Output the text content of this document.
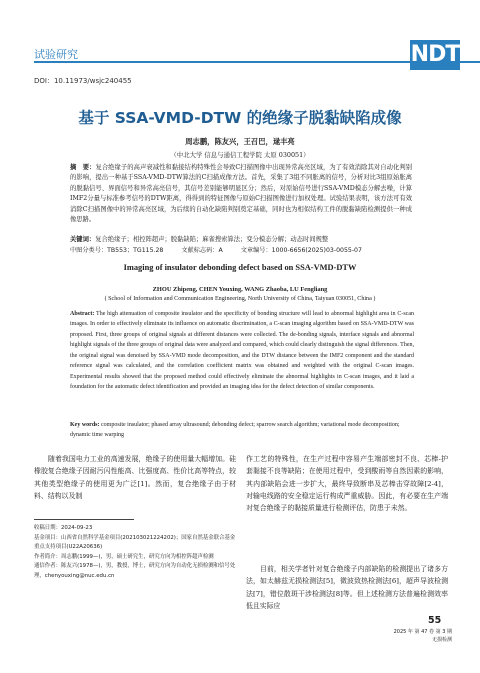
试验研究	NDT
DOI：10.11973/wsjc240455
基于 SSA-VMD-DTW 的绝缘子脱黏缺陷成像
周志鹏，陈友兴，王召巴，逯丰亮
（中北大学 信息与通信工程学院 太原 030051）
摘　要：复合绝缘子的高声衰减性和黏接结构特殊性会导致C扫描图像中出现异常高亮区域，为了有效消除其对自动化判别的影响，提出一种基于SSA-VMD-DTW算法的C扫描成像方法。首先，采集了3组不同胀离的信号，分析对比3组原始胀离的脱黏信号、界面信号和异常高亮信号，其信号差别能够明显区分；然后，对原始信号进行SSA-VMD模态分解去噪，计算IMF2分量与标准参考信号的DTW距离，得得到的特征图像与原始C扫描图像进行加权处理。试验结果表明，该方法可有效消除C扫描图像中的异常高亮区域，为后续的自动化缺陷判别奠定基础，同时也为相似结构工件的脱黏缺陷检测提供一种成像思路。
关键词：复合绝缘子；相控阵超声；脱黏缺陷；麻雀搜索算法；变分模态分解；动态时间规整
中图分类号：TB553；TG115.28	文献标志码：A	文章编号：1000-6656(2025)03-0055-07
Imaging of insulator debonding defect based on SSA-VMD-DTW
ZHOU Zhipeng, CHEN Youxing, WANG Zhaoba, LU Fengliang
( School of Information and Communication Engineering, North University of China, Taiyuan 030051, China )
Abstract: The high attenuation of composite insulator and the specificity of bonding structure will lead to abnormal highlight area in C-scan images. In order to effectively eliminate its influence on automatic discrimination, a C-scan imaging algorithm based on SSA-VMD-DTW was proposed. First, three groups of original signals at different distances were collected. The de-bonding signals, interface signals and abnormal highlight signals of the three groups of original data were analyzed and compared, which could clearly distinguish the signal differences. Then, the original signal was denoised by SSA-VMD mode decomposition, and the DTW distance between the IMF2 component and the standard reference signal was calculated, and the correlation coefficient matrix was obtained and weighted with the original C-scan images. Experimental results showed that the proposed method could effectively eliminate the abnormal highlights in C-scan images, and it laid a foundation for the automatic defect identification and provided an imaging idea for the defect detection of similar components.
Key words: composite insulator; phased array ultrasound; debonding defect; sparrow search algorithm; variational mode decomposition; dynamic time warping
随着我国电力工业的高速发展，绝缘子的使用量大幅增加。硅橡胶复合绝缘子因耐污闪性能高、比强度高、性价比高等特点，较其他类型绝缘子的使用更为广泛[1]。然而，复合绝缘子由于材料、结构以及制
作工艺的特殊性，在生产过程中容易产生端部密封不良、芯棒-护套黏接不良等缺陷；在使用过程中，受到酸雨等自然因素的影响，其内部缺陷会进一步扩大，最终导致断串及芯棒击穿故障[2-4]，对输电线路的安全稳定运行构成严重威胁。因此，有必要在生产端对复合绝缘子的黏接质量进行检测评估，防患于未然。
目前，相关学者针对复合绝缘子内部缺陷的检测提出了诸多方法，如太赫兹无损检测法[5]，微波致热检测法[6]，超声导波检测法[7]，错位散斑干涉检测法[8]等。但上述检测方法普遍检测效率低且实际应
收稿日期：2024-09-23
基金项目：山西省自然科学基金项目(202103021224202)；国家自然基金联合基金重点支持项目(U22A20636)
作者简介：周志鹏(1999—)，男，硕士研究生，研究方向为相控阵超声检测
通信作者：陈友兴(1978—)，男，教授，博士，研究方向为自动化无损检测和信号处理，chenyouxing@nuc.edu.cn
55
2025 年 第 47 卷 第 3 期
无损检测
